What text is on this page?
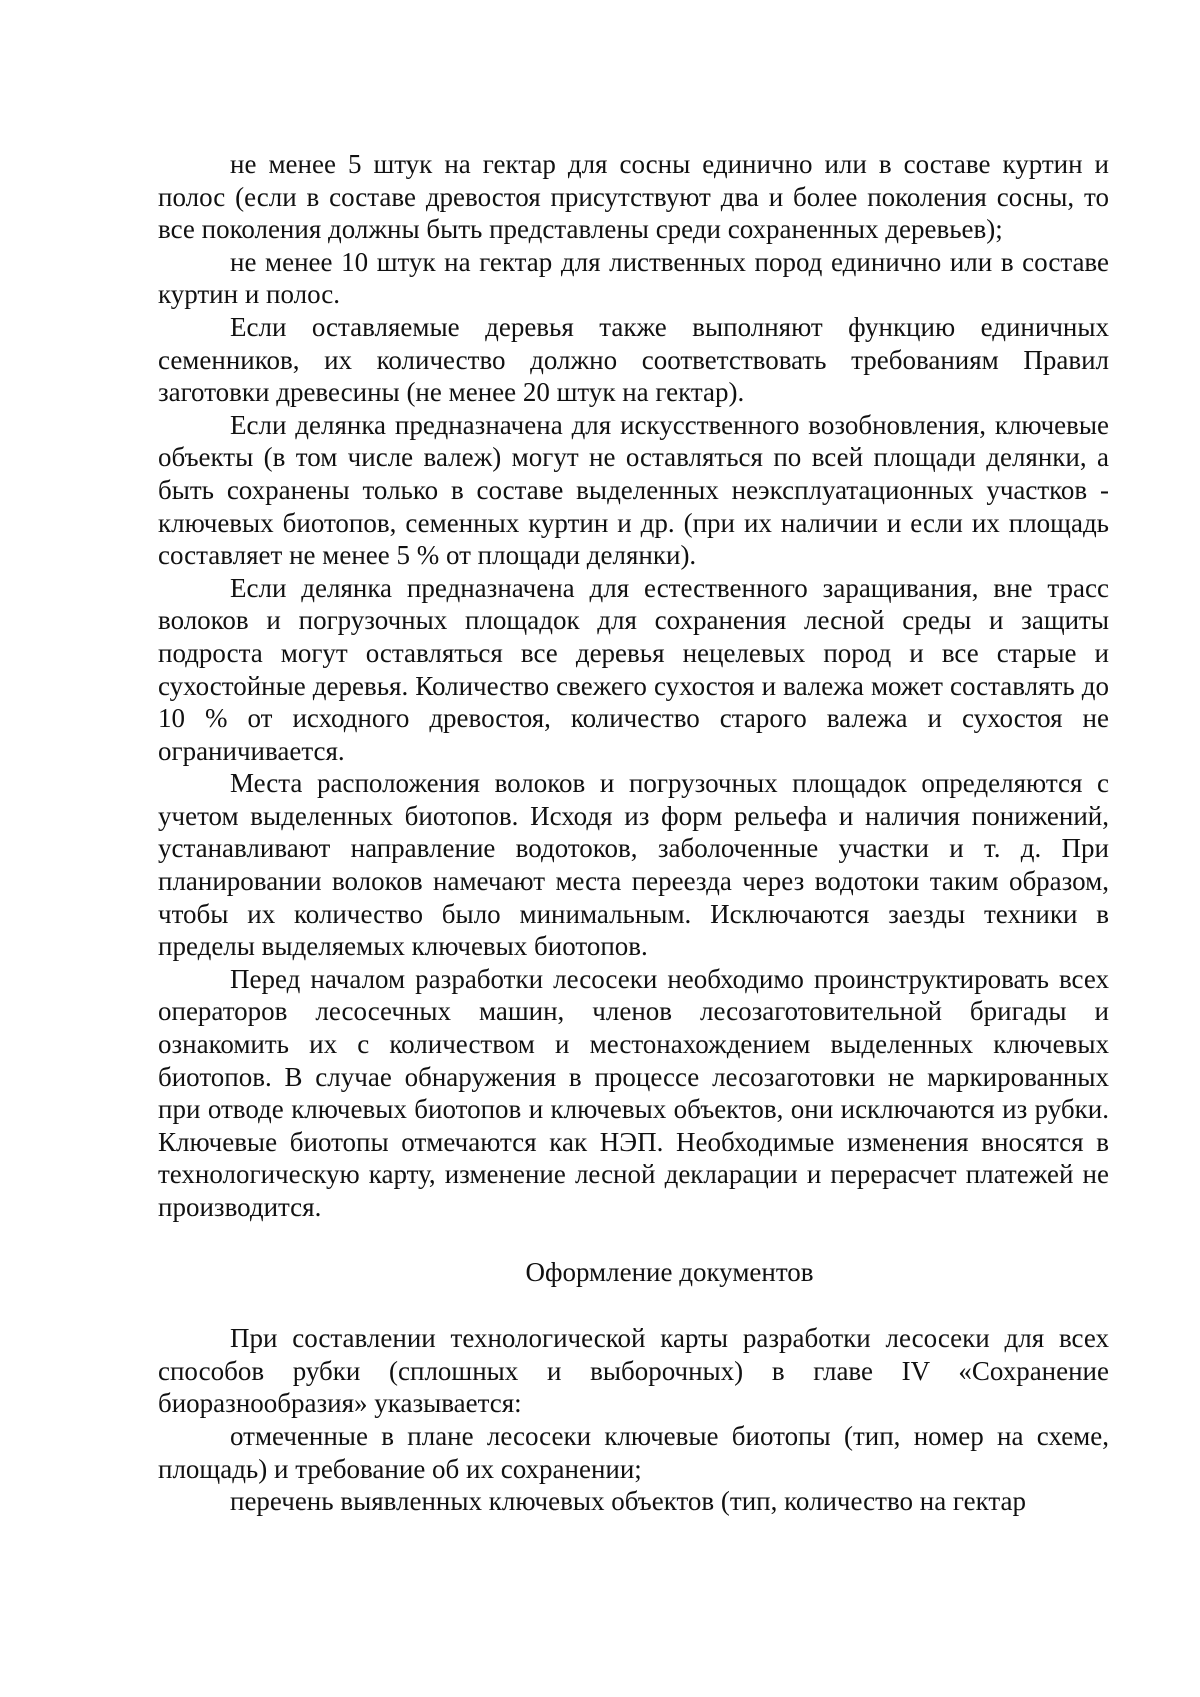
не менее 5 штук на гектар для сосны единично или в составе куртин и полос (если в составе древостоя присутствуют два и более поколения сосны, то все поколения должны быть представлены среди сохраненных деревьев);

не менее 10 штук на гектар для лиственных пород единично или в составе куртин и полос.

Если оставляемые деревья также выполняют функцию единичных семенников, их количество должно соответствовать требованиям Правил заготовки древесины (не менее 20 штук на гектар).

Если делянка предназначена для искусственного возобновления, ключевые объекты (в том числе валеж) могут не оставляться по всей площади делянки, а быть сохранены только в составе выделенных неэксплуатационных участков - ключевых биотопов, семенных куртин и др. (при их наличии и если их площадь составляет не менее 5 % от площади делянки).

Если делянка предназначена для естественного заращивания, вне трасс волоков и погрузочных площадок для сохранения лесной среды и защиты подроста могут оставляться все деревья нецелевых пород и все старые и сухостойные деревья. Количество свежего сухостоя и валежа может составлять до 10 % от исходного древостоя, количество старого валежа и сухостоя не ограничивается.

Места расположения волоков и погрузочных площадок определяются с учетом выделенных биотопов. Исходя из форм рельефа и наличия понижений, устанавливают направление водотоков, заболоченные участки и т. д. При планировании волоков намечают места переезда через водотоки таким образом, чтобы их количество было минимальным. Исключаются заезды техники в пределы выделяемых ключевых биотопов.

Перед началом разработки лесосеки необходимо проинструктировать всех операторов лесосечных машин, членов лесозаготовительной бригады и ознакомить их с количеством и местонахождением выделенных ключевых биотопов. В случае обнаружения в процессе лесозаготовки не маркированных при отводе ключевых биотопов и ключевых объектов, они исключаются из рубки. Ключевые биотопы отмечаются как НЭП. Необходимые изменения вносятся в технологическую карту, изменение лесной декларации и перерасчет платежей не производится.

Оформление документов

При составлении технологической карты разработки лесосеки для всех способов рубки (сплошных и выборочных) в главе IV «Сохранение биоразнообразия» указывается:

отмеченные в плане лесосеки ключевые биотопы (тип, номер на схеме, площадь) и требование об их сохранении;

перечень выявленных ключевых объектов (тип, количество на гектар
